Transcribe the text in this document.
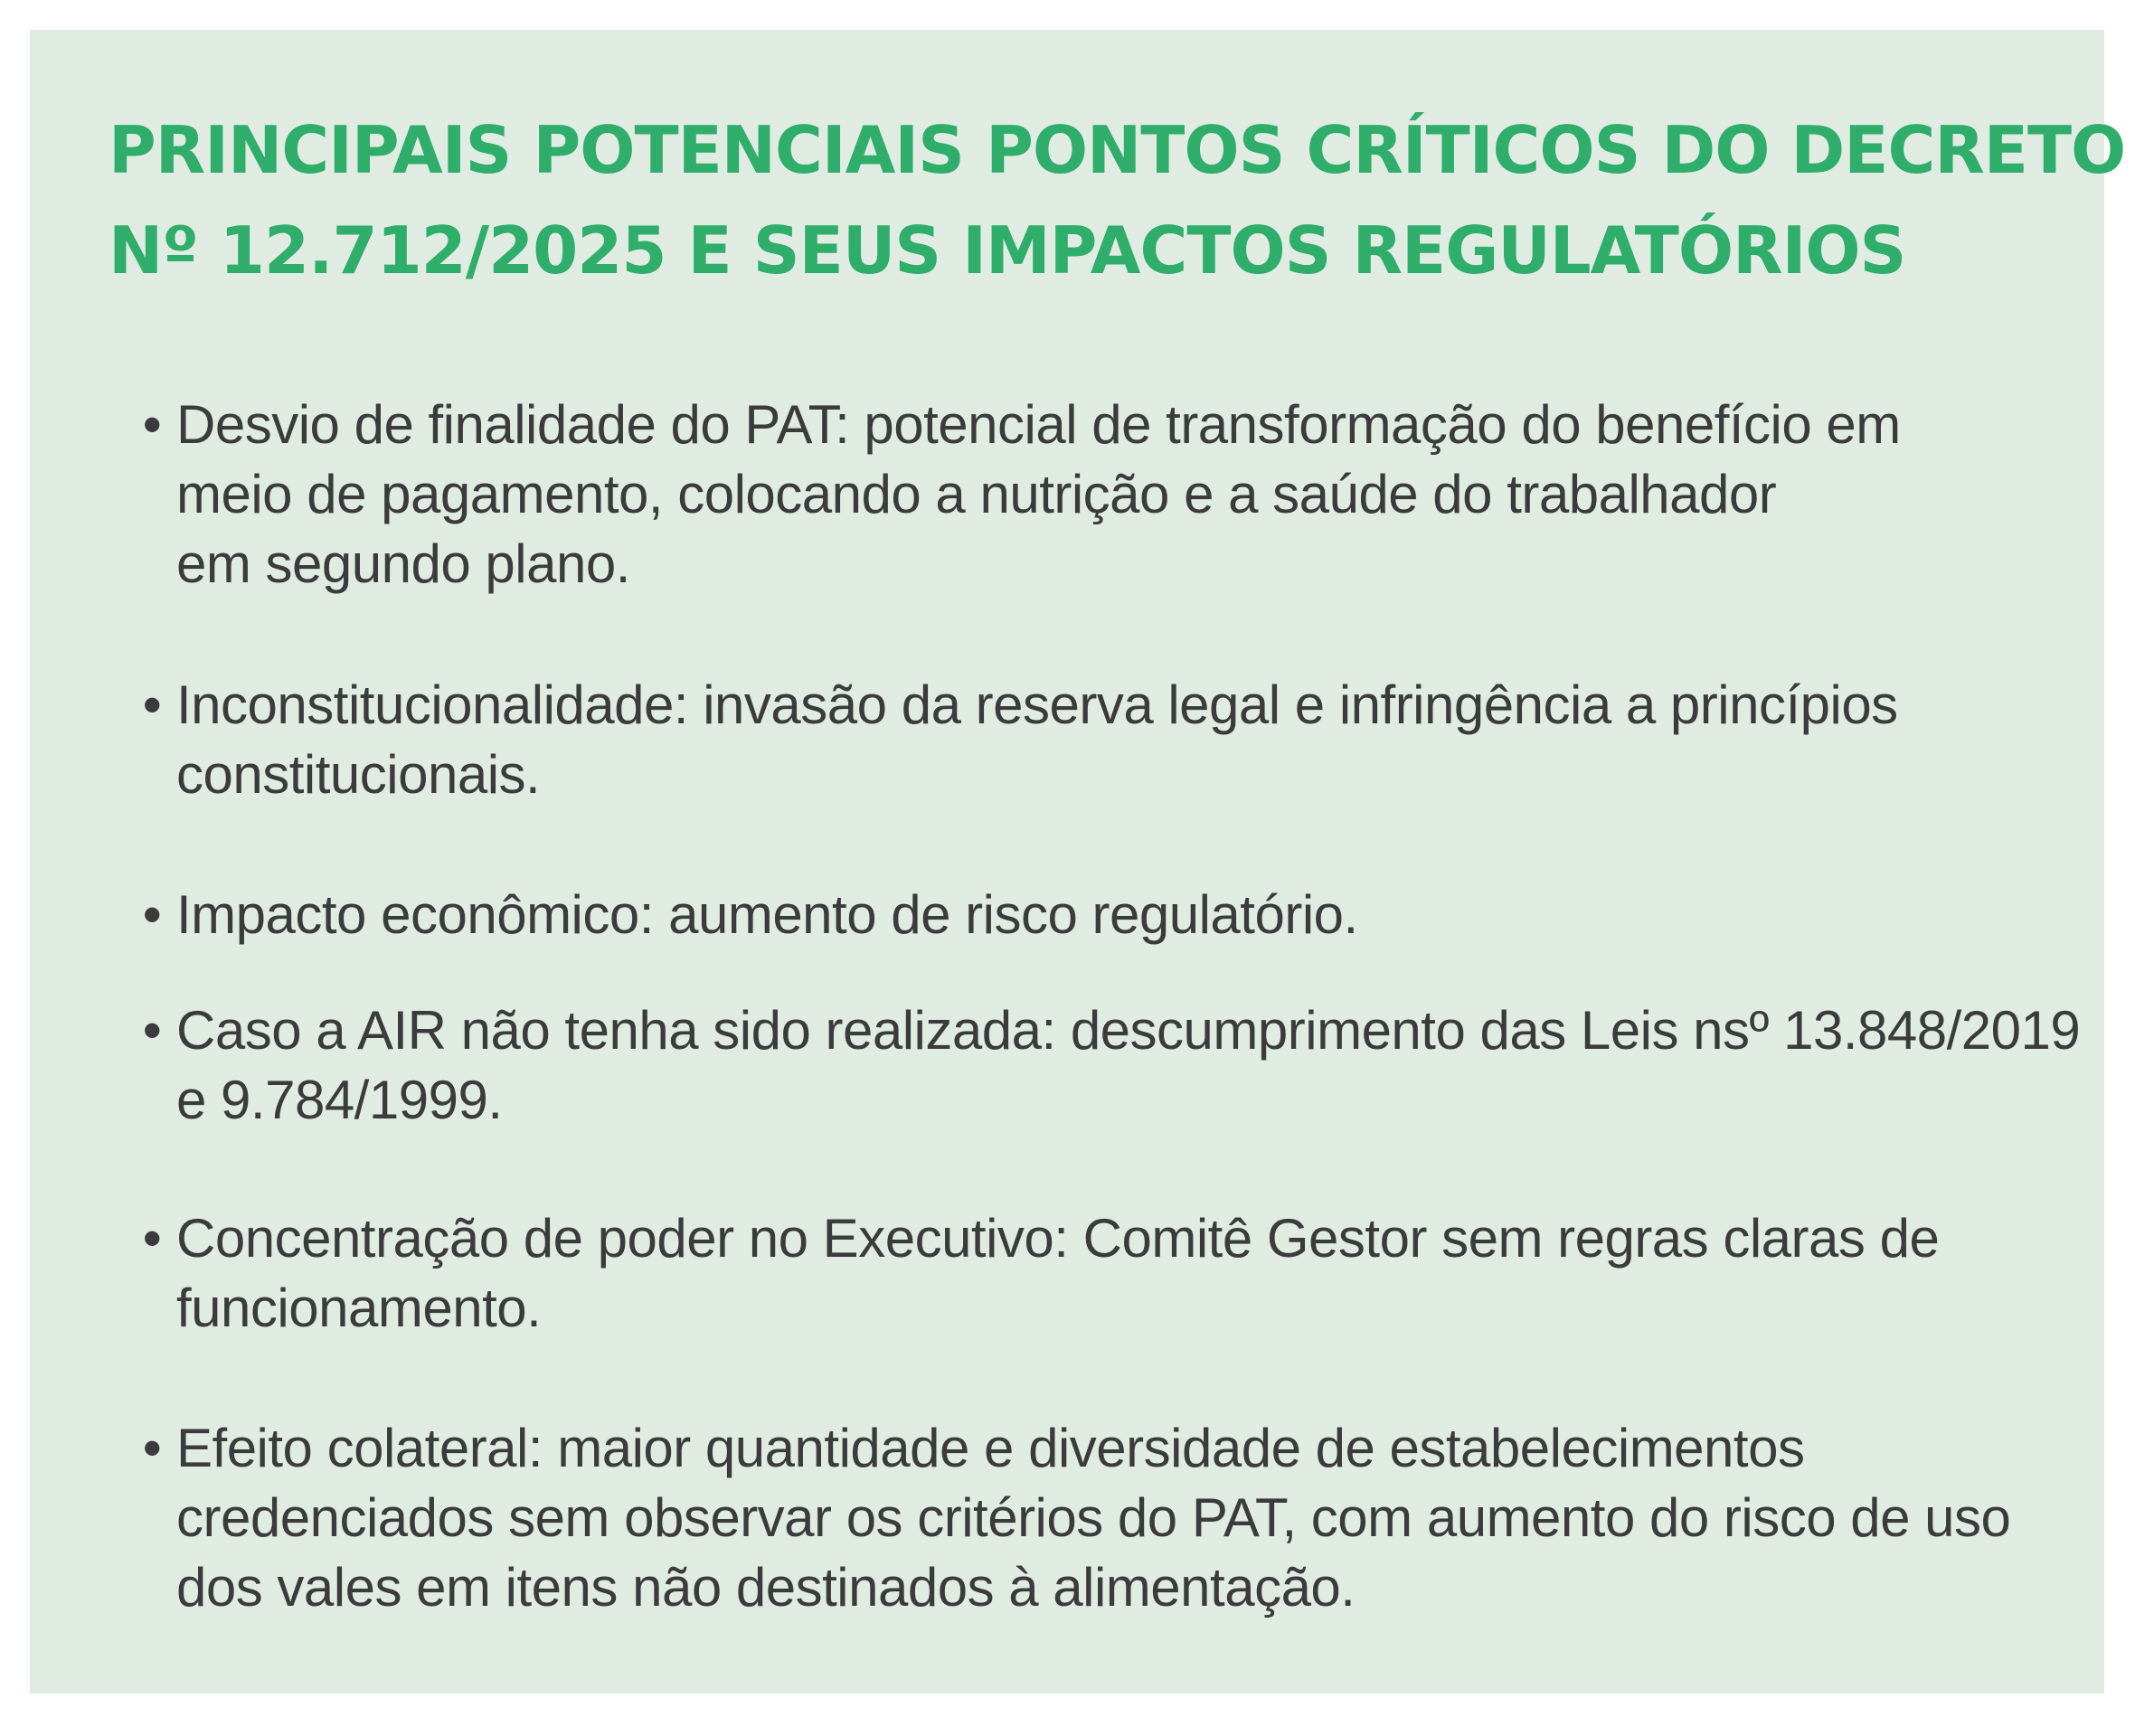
PRINCIPAIS POTENCIAIS PONTOS CRÍTICOS DO DECRETO
Nº 12.712/2025 E SEUS IMPACTOS REGULATÓRIOS
• Desvio de finalidade do PAT: potencial de transformação do benefício em
meio de pagamento, colocando a nutrição e a saúde do trabalhador
em segundo plano.
• Inconstitucionalidade: invasão da reserva legal e infringência a princípios
constitucionais.
• Impacto econômico: aumento de risco regulatório.
• Caso a AIR não tenha sido realizada: descumprimento das Leis nsº 13.848/2019
e 9.784/1999.
• Concentração de poder no Executivo: Comitê Gestor sem regras claras de
funcionamento.
• Efeito colateral: maior quantidade e diversidade de estabelecimentos
credenciados sem observar os critérios do PAT, com aumento do risco de uso
dos vales em itens não destinados à alimentação.
